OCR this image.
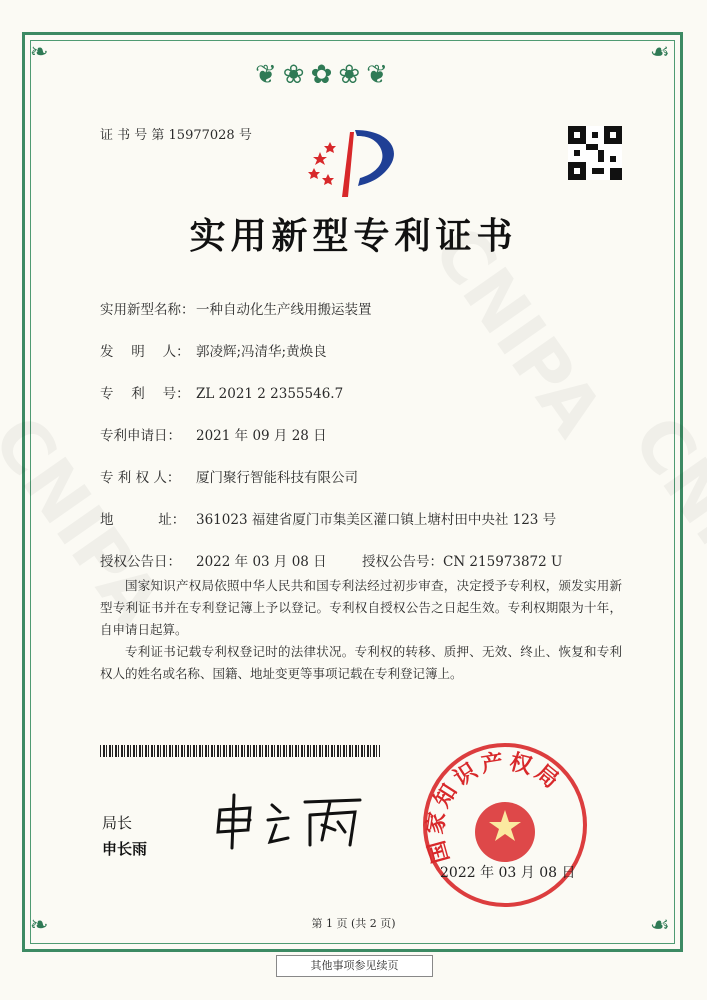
❦❀✿❀❦
❧	☙
❧	☙
证 书 号 第 15977028 号
实用新型专利证书
实用新型名称： 一种自动化生产线用搬运装置
发　 明　 人： 郭凌辉;冯清华;黄焕良
专　 利　 号： ZL 2021 2 2355546.7
专利申请日： 2021 年 09 月 28 日
专 利 权 人： 厦门聚行智能科技有限公司
地　　　 址： 361023 福建省厦门市集美区灌口镇上塘村田中央社 123 号
授权公告日： 2022 年 03 月 08 日	授权公告号：CN 215973872 U
国家知识产权局依照中华人民共和国专利法经过初步审查，决定授予专利权，颁发实用新型专利证书并在专利登记簿上予以登记。专利权自授权公告之日起生效。专利权期限为十年，自申请日起算。
专利证书记载专利权登记时的法律状况。专利权的转移、质押、无效、终止、恢复和专利权人的姓名或名称、国籍、地址变更等事项记载在专利登记簿上。
局长
申长雨	国家知识产权局
2022 年 03 月 08 日
第 1 页 (共 2 页)
其他事项参见续页
